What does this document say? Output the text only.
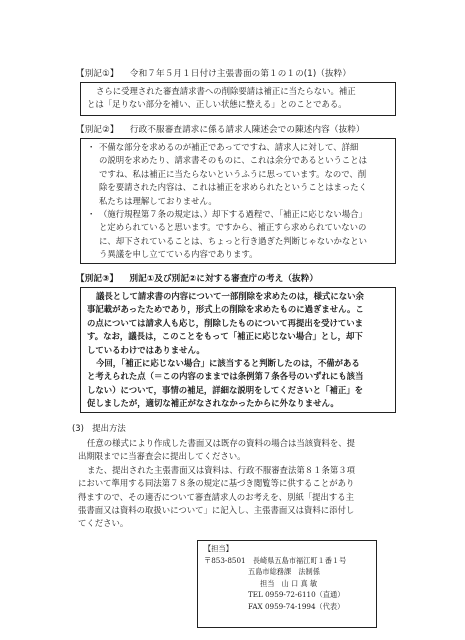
【別記①】 令和７年５月１日付け主張書面の第１の１の(1)（抜粋）

さらに受理された審査請求書への削除要請は補正に当たらない。補正

とは「足りない部分を補い、正しい状態に整える」とのことである。

【別記②】 行政不服審査請求に係る請求人陳述会での陳述内容（抜粋）
・ 不備な部分を求めるのが補正であってですね、請求人に対して、詳細

の説明を求めたり、請求書そのものに、これは余分であるということは

ですね、私は補正に当たらないというふうに思っています。なので、削

除を要請された内容は、これは補正を求められたということはまったく

私たちは理解しておりません。

・ （施行規程第７条の規定は、）却下する過程で、「補正に応じない場合」

と定められていると思います。ですから、補正すら求められていないの

に、却下されていることは、ちょっと行き過ぎた判断じゃないかなとい

う異議を申し立てている内容であります。

【別記③】 別記①及び別記②に対する審査庁の考え（抜粋）

議長として請求書の内容について一部削除を求めたのは，様式にない余

事記載があったためであり，形式上の削除を求めたものに過ぎません。こ

の点については請求人も応じ，削除したものについて再提出を受けていま

す。なお，議長は，このことをもって「補正に応じない場合」とし，却下

しているわけではありません。

今回，「補正に応じない場合」に該当すると判断したのは，不備がある

と考えられた点（＝この内容のままでは条例第７条各号のいずれにも該当

しない）について，事情の補足，詳細な説明をしてくださいと「補正」を

促しましたが，適切な補正がなされなかったからに外なりません。

(3)　提出方法

任意の様式により作成した書面又は既存の資料の場合は当該資料を、提

出期限までに当審査会に提出してください。

また、提出された主張書面又は資料は、行政不服審査法第８１条第３項

において準用する同法第７８条の規定に基づき閲覧等に供することがあり

得ますので、その適否について審査請求人のお考えを、別紙「提出する主

張書面又は資料の取扱いについて」に記入し、主張書面又は資料に添付し

てください。

【担当】
〒853-8501　長崎県五島市福江町１番１号
五島市総務課　法制係
担当　山 口 真 敏
TEL 0959-72-6110（直通）
FAX 0959-74-1994（代表）
